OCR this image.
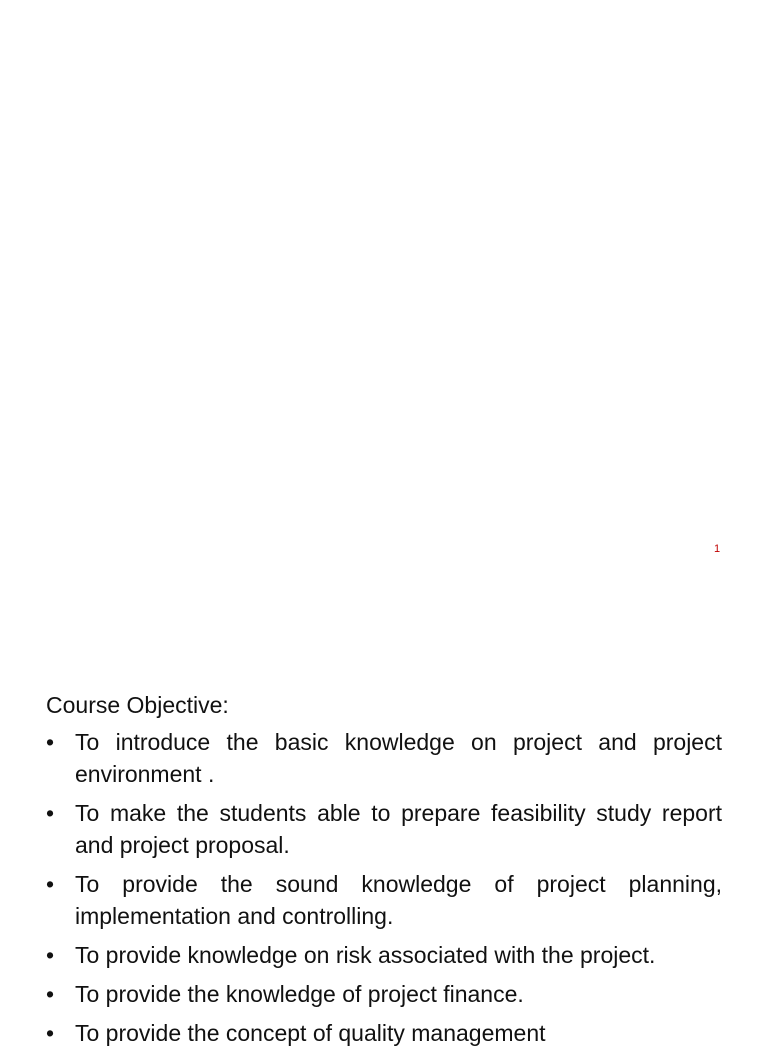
1
Course Objective:
• To introduce the basic knowledge on project and project environment .
• To make the students able to prepare feasibility study report and project proposal.
• To provide the sound knowledge of project planning, implementation and controlling.
• To provide knowledge on risk associated with the project.
• To provide the knowledge of project finance.
• To provide the concept of quality management
